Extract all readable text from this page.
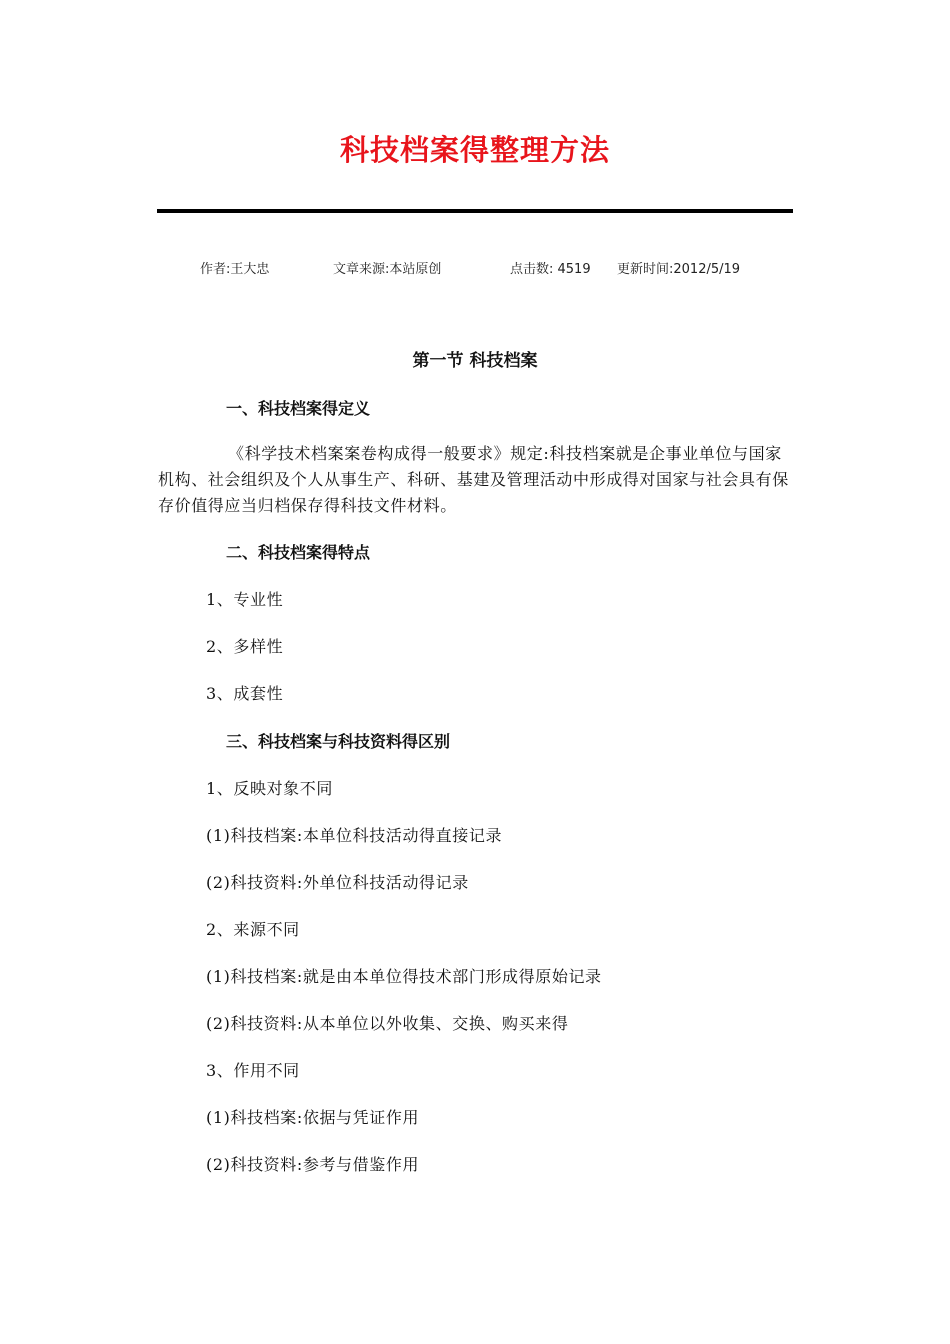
科技档案得整理方法
作者:王大忠	文章来源:本站原创	点击数: 4519 更新时间:2012/5/19
第一节 科技档案
一、科技档案得定义
《科学技术档案案卷构成得一般要求》规定:科技档案就是企事业单位与国家机构、社会组织及个人从事生产、科研、基建及管理活动中形成得对国家与社会具有保存价值得应当归档保存得科技文件材料。
二、科技档案得特点
1、专业性
2、多样性
3、成套性
三、科技档案与科技资料得区别
1、反映对象不同
(1)科技档案:本单位科技活动得直接记录
(2)科技资料:外单位科技活动得记录
2、来源不同
(1)科技档案:就是由本单位得技术部门形成得原始记录
(2)科技资料:从本单位以外收集、交换、购买来得
3、作用不同
(1)科技档案:依据与凭证作用
(2)科技资料:参考与借鉴作用
